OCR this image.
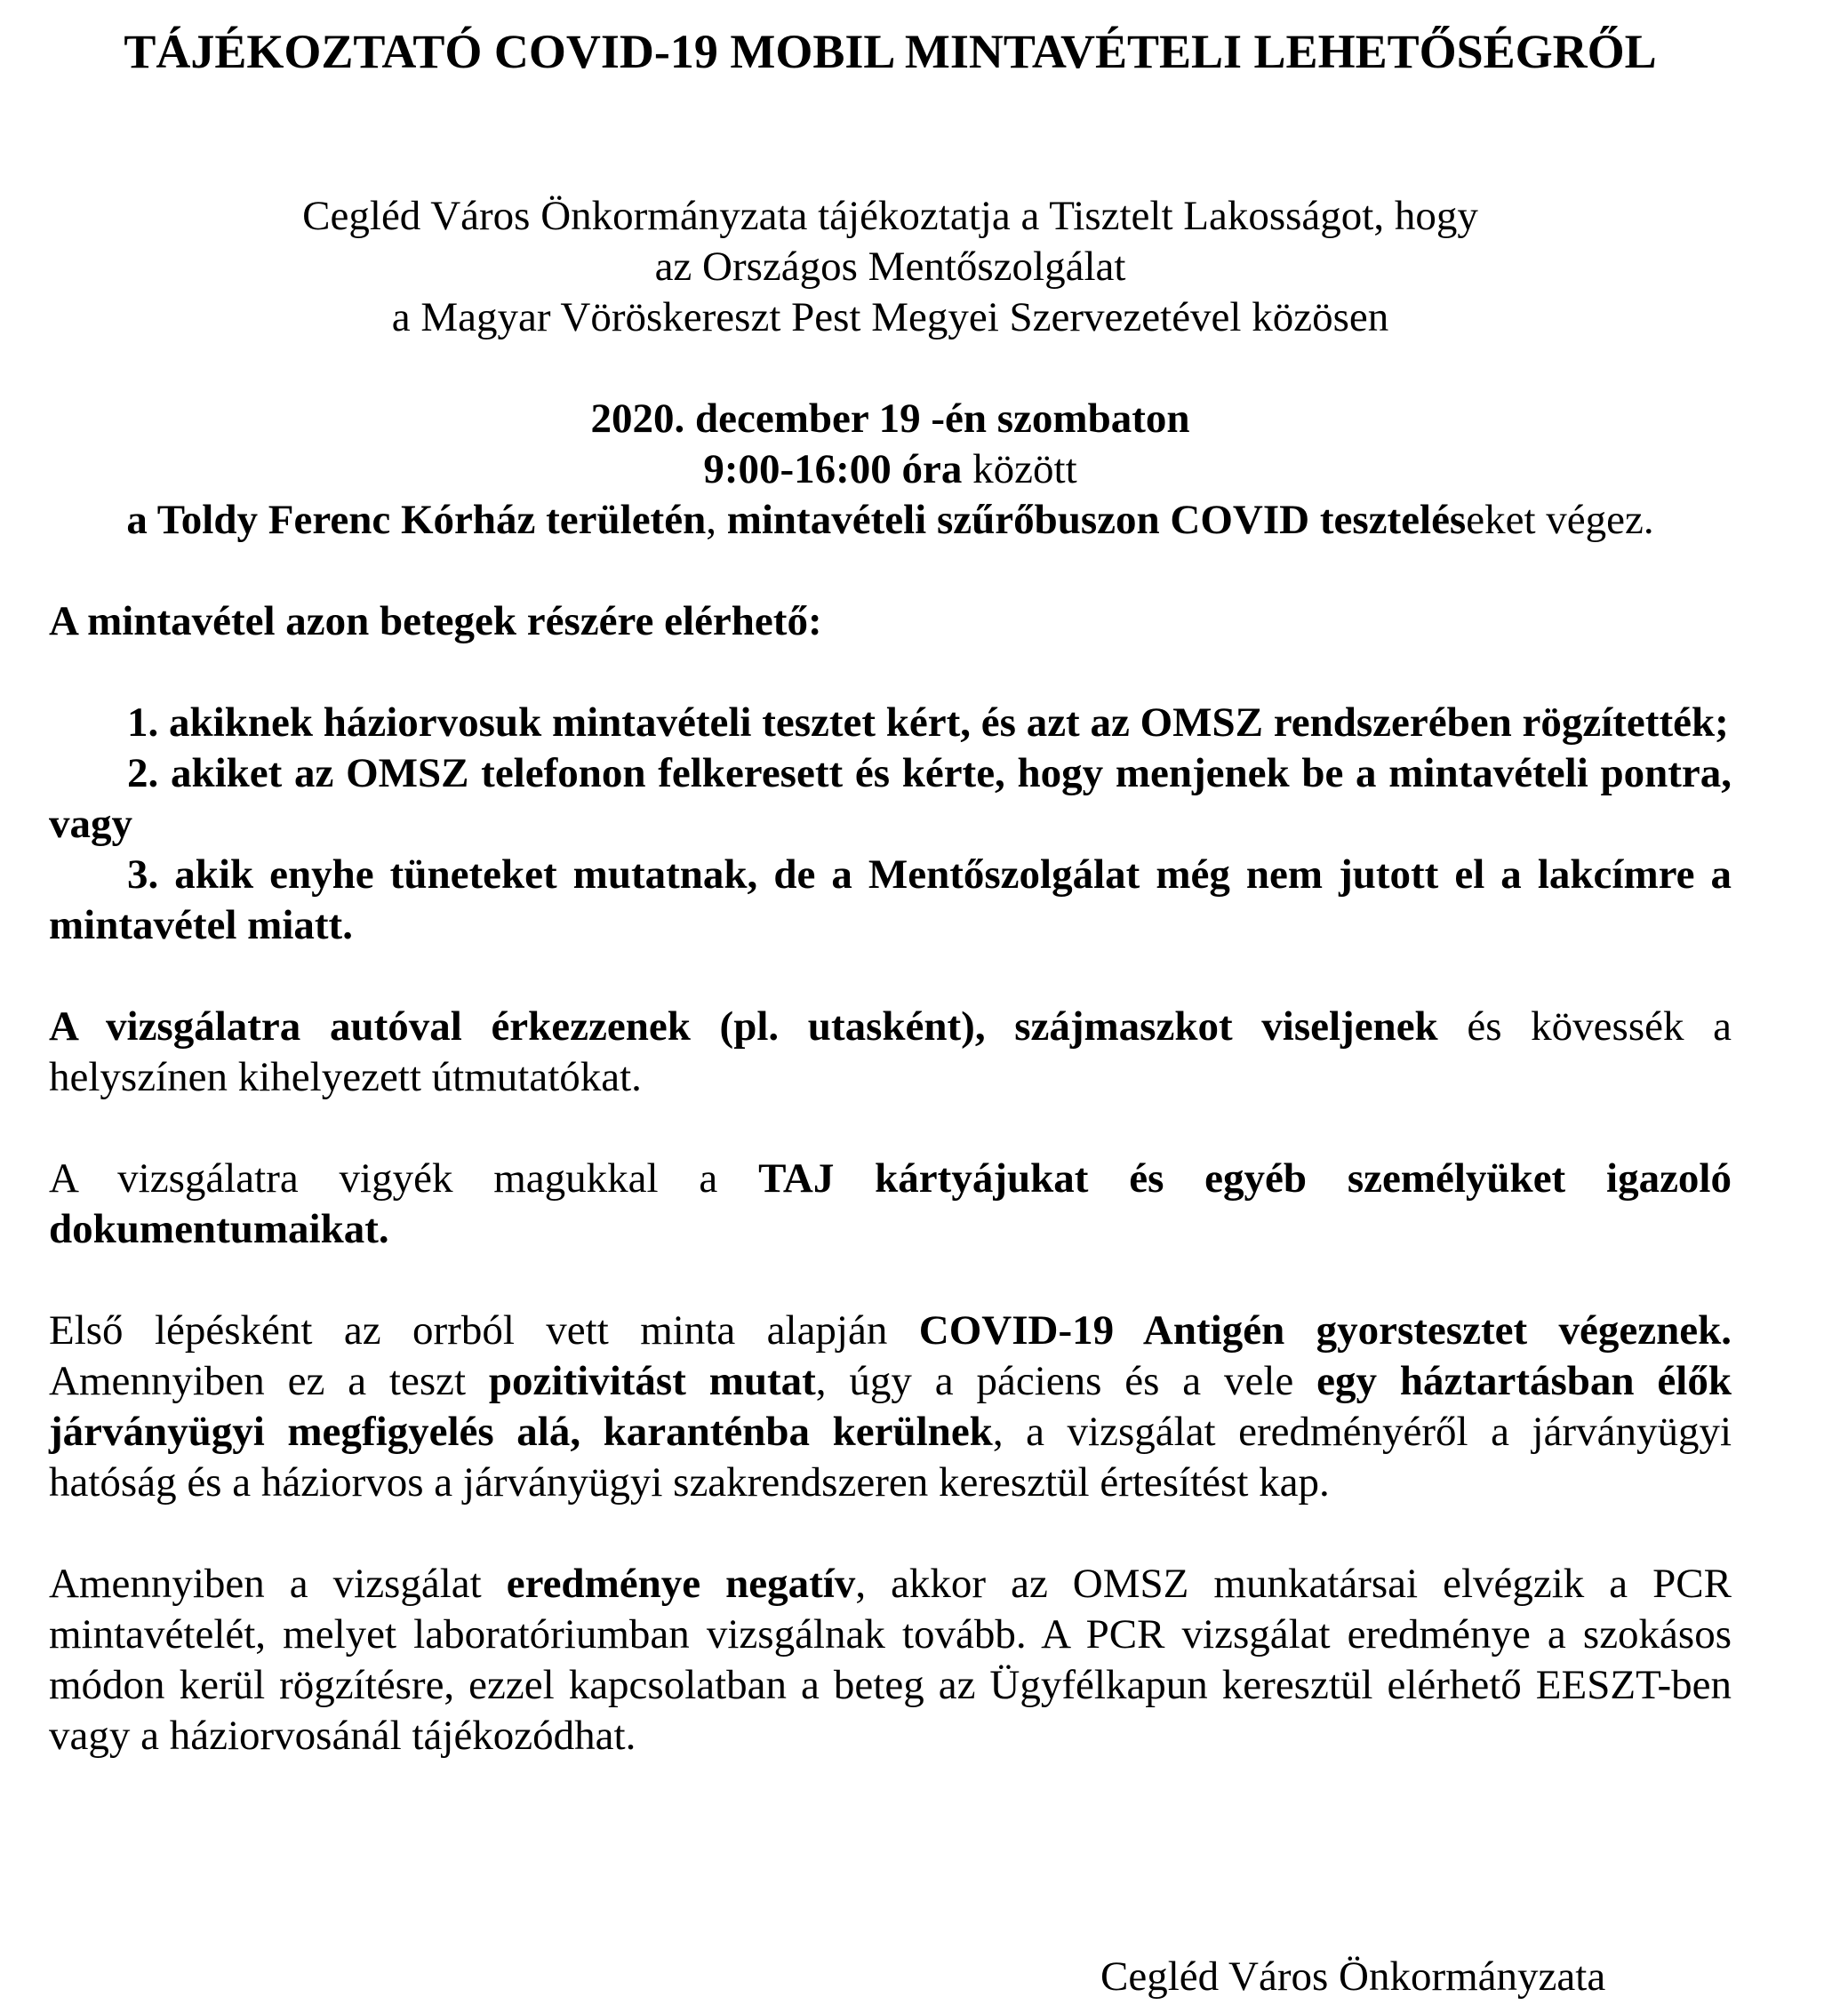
TÁJÉKOZTATÓ COVID-19 MOBIL MINTAVÉTELI LEHETŐSÉGRŐL
Cegléd Város Önkormányzata tájékoztatja a Tisztelt Lakosságot, hogy
az Országos Mentőszolgálat
a Magyar Vöröskereszt Pest Megyei Szervezetével közösen
2020. december 19 -én szombaton
9:00-16:00 óra között
a Toldy Ferenc Kórház területén, mintavételi szűrőbuszon COVID teszteléseket végez.
A mintavétel azon betegek részére elérhető:
1. akiknek háziorvosuk mintavételi tesztet kért, és azt az OMSZ rendszerében rögzítették;
2. akiket az OMSZ telefonon felkeresett és kérte, hogy menjenek be a mintavételi pontra, vagy
3. akik enyhe tüneteket mutatnak, de a Mentőszolgálat még nem jutott el a lakcímre a mintavétel miatt.
A vizsgálatra autóval érkezzenek (pl. utasként), szájmaszkot viseljenek és kövessék a helyszínen kihelyezett útmutatókat.
A vizsgálatra vigyék magukkal a TAJ kártyájukat és egyéb személyüket igazoló dokumentumaikat.
Első lépésként az orrból vett minta alapján COVID-19 Antigén gyorstesztet végeznek. Amennyiben ez a teszt pozitivitást mutat, úgy a páciens és a vele egy háztartásban élők járványügyi megfigyelés alá, karanténba kerülnek, a vizsgálat eredményéről a járványügyi hatóság és a háziorvos a járványügyi szakrendszeren keresztül értesítést kap.
Amennyiben a vizsgálat eredménye negatív, akkor az OMSZ munkatársai elvégzik a PCR mintavételét, melyet laboratóriumban vizsgálnak tovább. A PCR vizsgálat eredménye a szokásos módon kerül rögzítésre, ezzel kapcsolatban a beteg az Ügyfélkapun keresztül elérhető EESZT-ben vagy a háziorvosánál tájékozódhat.
Cegléd Város Önkormányzata
